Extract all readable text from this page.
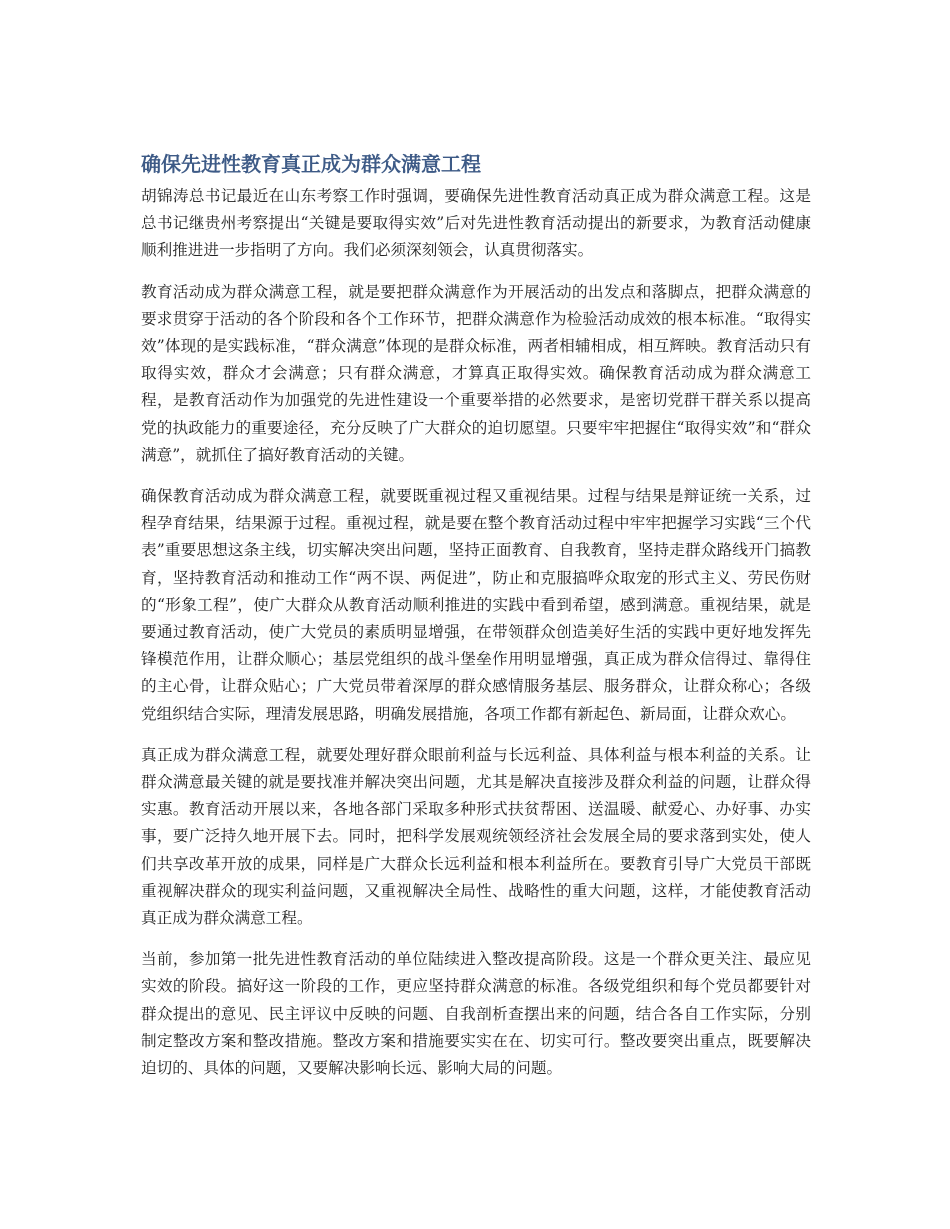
确保先进性教育真正成为群众满意工程

胡锦涛总书记最近在山东考察工作时强调，要确保先进性教育活动真正成为群众满意工程。这是总书记继贵州考察提出“关键是要取得实效”后对先进性教育活动提出的新要求，为教育活动健康顺利推进进一步指明了方向。我们必须深刻领会，认真贯彻落实。

教育活动成为群众满意工程，就是要把群众满意作为开展活动的出发点和落脚点，把群众满意的要求贯穿于活动的各个阶段和各个工作环节，把群众满意作为检验活动成效的根本标准。“取得实效”体现的是实践标准，“群众满意”体现的是群众标准，两者相辅相成，相互辉映。教育活动只有取得实效，群众才会满意；只有群众满意，才算真正取得实效。确保教育活动成为群众满意工程，是教育活动作为加强党的先进性建设一个重要举措的必然要求，是密切党群干群关系以提高党的执政能力的重要途径，充分反映了广大群众的迫切愿望。只要牢牢把握住“取得实效”和“群众满意”，就抓住了搞好教育活动的关键。

确保教育活动成为群众满意工程，就要既重视过程又重视结果。过程与结果是辩证统一关系，过程孕育结果，结果源于过程。重视过程，就是要在整个教育活动过程中牢牢把握学习实践“三个代表”重要思想这条主线，切实解决突出问题，坚持正面教育、自我教育，坚持走群众路线开门搞教育，坚持教育活动和推动工作“两不误、两促进”，防止和克服搞哗众取宠的形式主义、劳民伤财的“形象工程”，使广大群众从教育活动顺利推进的实践中看到希望，感到满意。重视结果，就是要通过教育活动，使广大党员的素质明显增强，在带领群众创造美好生活的实践中更好地发挥先锋模范作用，让群众顺心；基层党组织的战斗堡垒作用明显增强，真正成为群众信得过、靠得住的主心骨，让群众贴心；广大党员带着深厚的群众感情服务基层、服务群众，让群众称心；各级党组织结合实际，理清发展思路，明确发展措施，各项工作都有新起色、新局面，让群众欢心。

真正成为群众满意工程，就要处理好群众眼前利益与长远利益、具体利益与根本利益的关系。让群众满意最关键的就是要找准并解决突出问题，尤其是解决直接涉及群众利益的问题，让群众得实惠。教育活动开展以来，各地各部门采取多种形式扶贫帮困、送温暖、献爱心、办好事、办实事，要广泛持久地开展下去。同时，把科学发展观统领经济社会发展全局的要求落到实处，使人们共享改革开放的成果，同样是广大群众长远利益和根本利益所在。要教育引导广大党员干部既重视解决群众的现实利益问题，又重视解决全局性、战略性的重大问题，这样，才能使教育活动真正成为群众满意工程。

当前，参加第一批先进性教育活动的单位陆续进入整改提高阶段。这是一个群众更关注、最应见实效的阶段。搞好这一阶段的工作，更应坚持群众满意的标准。各级党组织和每个党员都要针对群众提出的意见、民主评议中反映的问题、自我剖析查摆出来的问题，结合各自工作实际，分别制定整改方案和整改措施。整改方案和措施要实实在在、切实可行。整改要突出重点，既要解决迫切的、具体的问题，又要解决影响长远、影响大局的问题。
